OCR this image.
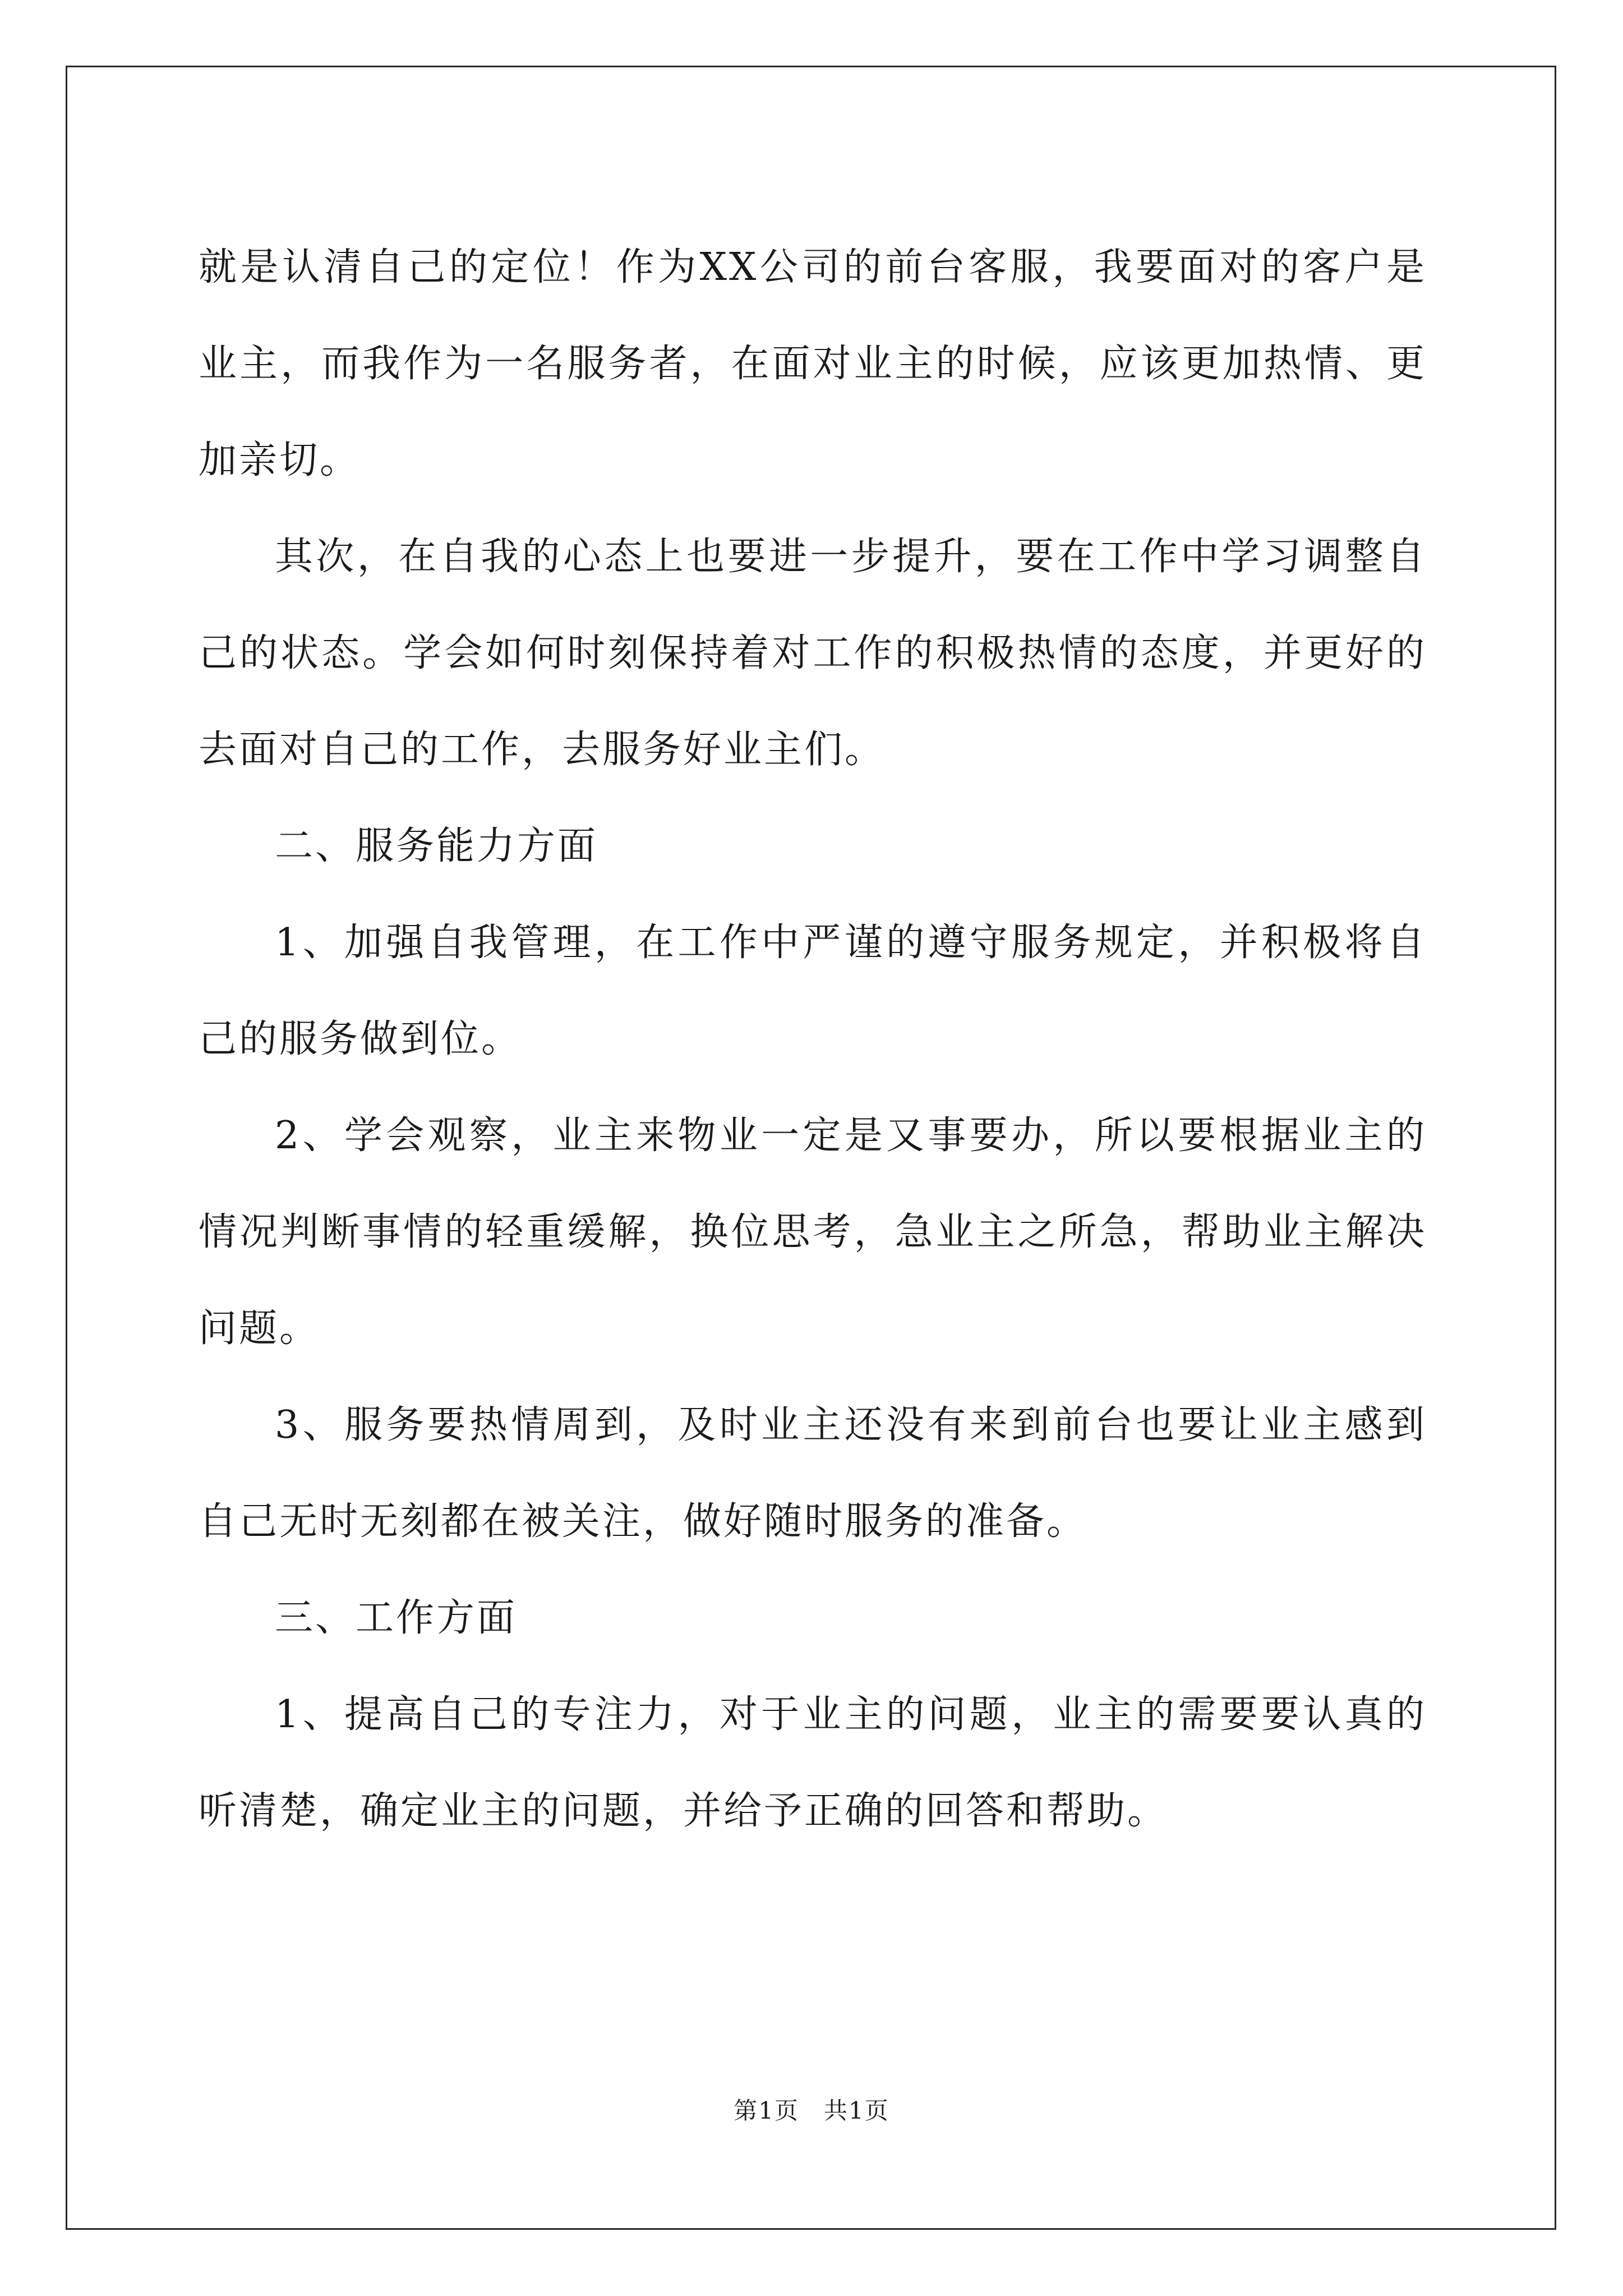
就是认清自己的定位！作为XX公司的前台客服，我要面对的客户是业主，而我作为一名服务者，在面对业主的时候，应该更加热情、更加亲切。

其次，在自我的心态上也要进一步提升，要在工作中学习调整自己的状态。学会如何时刻保持着对工作的积极热情的态度，并更好的去面对自己的工作，去服务好业主们。

二、服务能力方面

1、加强自我管理，在工作中严谨的遵守服务规定，并积极将自己的服务做到位。

2、学会观察，业主来物业一定是又事要办，所以要根据业主的情况判断事情的轻重缓解，换位思考，急业主之所急，帮助业主解决问题。

3、服务要热情周到，及时业主还没有来到前台也要让业主感到自己无时无刻都在被关注，做好随时服务的准备。

三、工作方面

1、提高自己的专注力，对于业主的问题，业主的需要要认真的听清楚，确定业主的问题，并给予正确的回答和帮助。

第1页　共1页
